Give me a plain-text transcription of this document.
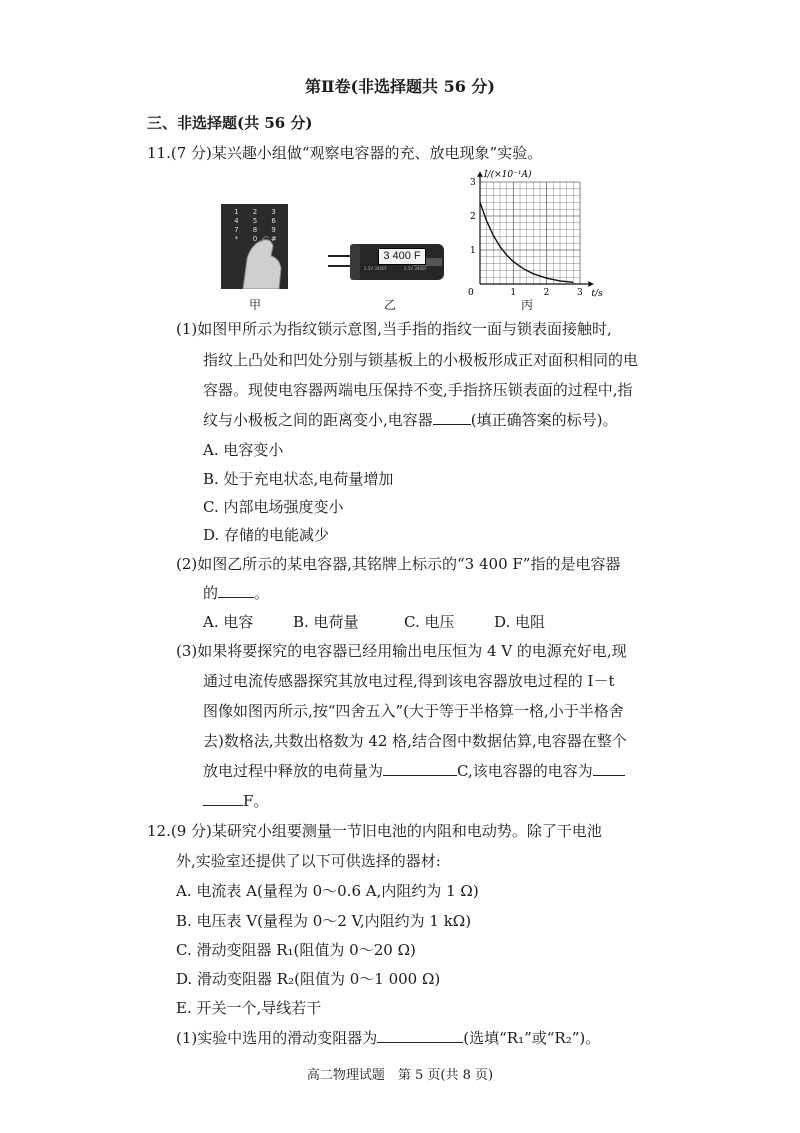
第Ⅱ卷(非选择题共 56 分)
三、非选择题(共 56 分)
11.(7 分)某兴趣小组做“观察电容器的充、放电现象”实验。
1	2	3
4	5	6
7	8	9
*	0	#
甲
3 400 F
2.5V 3400F	2.5V 3400F
乙
0	1	2	3
1
2
3
I/(×10⁻¹A)
t/s
丙
(1)如图甲所示为指纹锁示意图,当手指的指纹一面与锁表面接触时,
指纹上凸处和凹处分别与锁基板上的小极板形成正对面积相同的电
容器。现使电容器两端电压保持不变,手指挤压锁表面的过程中,指
纹与小极板之间的距离变小,电容器	(填正确答案的标号)。
A. 电容变小
B. 处于充电状态,电荷量增加
C. 内部电场强度变小
D. 存储的电能减少
(2)如图乙所示的某电容器,其铭牌上标示的“3 400 F”指的是电容器
的 。
A. 电容	B. 电荷量	C. 电压	D. 电阻
(3)如果将要探究的电容器已经用输出电压恒为 4 V 的电源充好电,现
通过电流传感器探究其放电过程,得到该电容器放电过程的 I－t
图像如图丙所示,按“四舍五入”(大于等于半格算一格,小于半格舍
去)数格法,共数出格数为 42 格,结合图中数据估算,电容器在整个
放电过程中释放的电荷量为	C,该电容器的电容为
F。
12.(9 分)某研究小组要测量一节旧电池的内阻和电动势。除了干电池
外,实验室还提供了以下可供选择的器材:
A. 电流表 A(量程为 0～0.6 A,内阻约为 1 Ω)
B. 电压表 V(量程为 0～2 V,内阻约为 1 kΩ)
C. 滑动变阻器 R₁(阻值为 0～20 Ω)
D. 滑动变阻器 R₂(阻值为 0～1 000 Ω)
E. 开关一个,导线若干
(1)实验中选用的滑动变阻器为	(选填“R₁”或“R₂”)。
高二物理试题　第 5 页(共 8 页)
